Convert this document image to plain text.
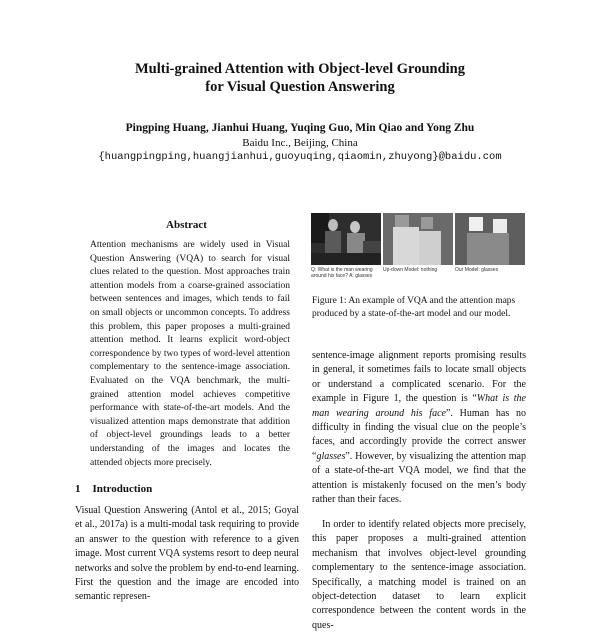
Multi-grained Attention with Object-level Grounding
for Visual Question Answering
Pingping Huang, Jianhui Huang, Yuqing Guo, Min Qiao and Yong Zhu
Baidu Inc., Beijing, China
{huangpingping,huangjianhui,guoyuqing,qiaomin,zhuyong}@baidu.com
Abstract

Attention mechanisms are widely used in Visual Question Answering (VQA) to search for visual clues related to the question. Most approaches train attention models from a coarse-grained association between sentences and images, which tends to fail on small objects or uncommon concepts. To address this problem, this paper proposes a multi-grained attention method. It learns explicit word-object correspondence by two types of word-level attention complementary to the sentence-image association. Evaluated on the VQA benchmark, the multi-grained attention model achieves competitive performance with state-of-the-art models. And the visualized attention maps demonstrate that addition of object-level groundings leads to a better understanding of the images and locates the attended objects more precisely.

1 Introduction

Visual Question Answering (Antol et al., 2015; Goyal et al., 2017a) is a multi-modal task requiring to provide an answer to the question with reference to a given image. Most current VQA systems resort to deep neural networks and solve the problem by end-to-end learning. First the question and the image are encoded into semantic represen-

Q: What is the man wearing around his face? A: glasses
Up-down Model: nothing	Our Model: glasses

Figure 1: An example of VQA and the attention maps produced by a state-of-the-art model and our model.

sentence-image alignment reports promising results in general, it sometimes fails to locate small objects or understand a complicated scenario. For the example in Figure 1, the question is “What is the man wearing around his face”. Human has no difficulty in finding the visual clue on the people’s faces, and accordingly provide the correct answer “glasses”. However, by visualizing the attention map of a state-of-the-art VQA model, we find that the attention is mistakenly focused on the men’s body rather than their faces.

In order to identify related objects more precisely, this paper proposes a multi-grained attention mechanism that involves object-level grounding complementary to the sentence-image association. Specifically, a matching model is trained on an object-detection dataset to learn explicit correspondence between the content words in the ques-
